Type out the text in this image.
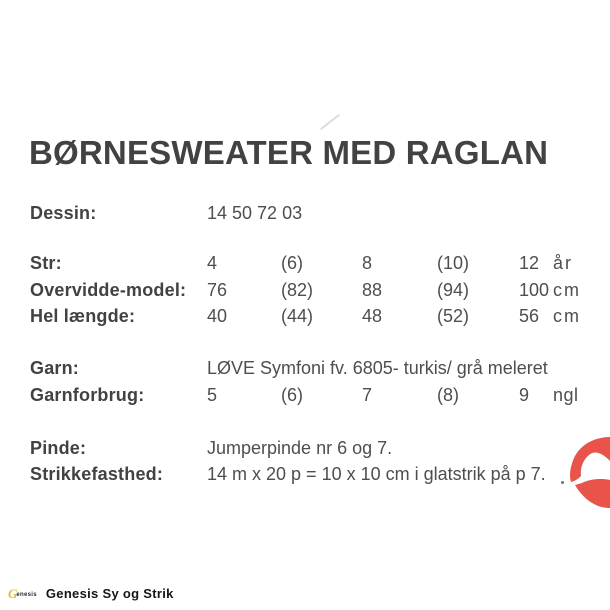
BØRNESWEATER MED RAGLAN
Dessin:	14 50 72 03
Str:	4	(6)	8	(10)	12 år
Overvidde-model: 76	(82)	88	(94)	100 cm
Hel længde:	40	(44)	48	(52)	56 cm
Garn:	LØVE Symfoni fv. 6805- turkis/ grå meleret
Garnforbrug:	5	(6)	7	(8)	9 ngl
Pinde:	Jumperpinde nr 6 og 7.
Strikkefasthed: 14 m x 20 p = 10 x 10 cm i glatstrik på p 7.
G enesis Genesis Sy og Strik
